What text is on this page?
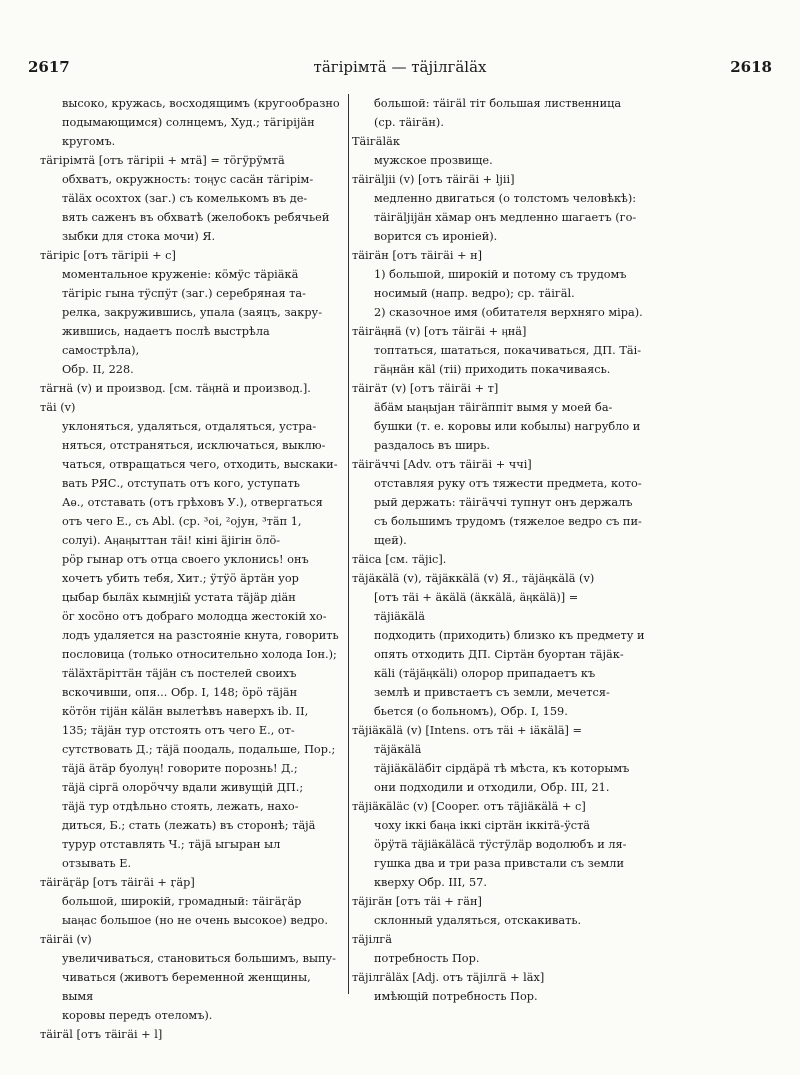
2617	тäгірімтä — тäјілгäläх	2618
высоко, кружась, восходящимъ (кругообразно
подымающимся) солнцемъ, Худ.; тäгірiјäн
кругомъ.
тäгірімтä [отъ тäгірii + мтä] = тӧгӱрӱмтä
обхватъ, окружность: тоӊус сасäн тäгірім-
тäläх осохтох (заг.) съ комелькомъ въ де-
вять саженъ въ обхватѣ (желобокъ ребячьей
зыбки для стока мочи) Я.
тäгіріс [отъ тäгірii + с]
моментальное круженіе: кӧмӱс тäрiäкä
тäгіріс гына тӱспӱт (заг.) серебряная та-
релка, закружившись, упала (заяцъ, закру-
жившись, надаетъ послѣ выстрѣла самострѣла),
Обр. II, 228.
тäгнä (v) и производ. [см. тäӊнä и производ.].
тäі (v)
уклоняться, удаляться, отдаляться, устра-
няться, отстраняться, исключаться, выклю-
чаться, отвращаться чего, отходить, выскаки-
вать РЯС., отступать отъ кого, уступать
Аѳ., отставать (отъ грѣховъ У.), отвергаться
отъ чего Е., съ Abl. (ср. ³оі, ²ојун, ³тäп 1,
солуі). Аӊаӊыттан тäі! кіні äјігін ӧлӧ-
рӧр гынар отъ отца своего уклонись! онъ
хочетъ убить тебя, Хит.; ӱтӱӧ äртäн уор
цыбар былäх кымнjiӹ устата тäјäр діäн
ӧг хосӧно отъ добраго молодца жестокій хо-
лодъ удаляется на разстояніе кнута, говорить
пословица (только относительно холода Іон.);
тäläхтäріттäн тäјäн съ постелей своихъ
вскочивши, опя... Обр. I, 148; ӧрӧ тäјäн
кӧтӧн тіјäн кäläн вылетѣвъ наверхъ іb. II,
135; тäјäн тур отстоять отъ чего Е., от-
сутствовать Д.; тäјä поодаль, подальше, Пор.;
тäјä äтäр буолуӊ! говорите порознь! Д.;
тäјä сіргä олорӧччу вдали живущій ДП.;
тäјä тур отдѣльно стоять, лежать, нахо-
диться, Б.; стать (лежать) въ сторонѣ; тäјä
турур отставлять Ч.; тäјä ыгыран ыл
отзывать Е.
тäігäӷäр [отъ тäігäі + ӷäр]
большой, широкій, громадный: тäігäӷäр
ыаӊас большое (но не очень высокое) ведро.
тäігäі (v)
увеличиваться, становиться большимъ, выпу-
чиваться (животъ беременной женщины, вымя
коровы передъ отеломъ).
тäігäl [отъ тäігäі + l]
большой: тäігäl тіт большая лиственница
(ср. тäігäн).
Тäігäläк
мужское прозвище.
тäігäljii (v) [отъ тäігäі + ljii]
медленно двигаться (о толстомъ человѣкѣ):
тäігäljiјäн хäмар онъ медленно шагаетъ (го-
ворится съ ироніей).
тäігäн [отъ тäігäі + н]
1) большой, широкій и потому съ трудомъ
носимый (напр. ведро); ср. тäігäl.
2) сказочное имя (обитателя верхняго міра).
тäігäӊнä (v) [отъ тäігäі + ӊнä]
топтаться, шататься, покачиваться, ДП. Тäі-
гäӊнäн кäl (тіі) приходить покачиваясь.
тäігäт (v) [отъ тäігäі + т]
äбäм ыаӊыјан тäігäппіт вымя у моей ба-
бушки (т. е. коровы или кобылы) нагрубло и
раздалось въ ширь.
тäігäччі [Adv. отъ тäігäі + ччі]
отставляя руку отъ тяжести предмета, кото-
рый держать: тäігäччі тупнут онъ держалъ
съ большимъ трудомъ (тяжелое ведро съ пи-
щей).
тäіса [см. тäјіс].
тäјäкälä (v), тäјäккälä (v) Я., тäјäӊкälä (v)
[отъ тäі + äкälä (äккälä, äӊкälä)] =
тäјіäкälä
подходить (приходить) близко къ предмету и
опять отходить ДП. Сіртäн буортан тäјäк-
кälі (тäјäӊкälі) олорор припадаетъ къ
землѣ и привстаетъ съ земли, мечется-
бьется (о больномъ), Обр. I, 159.
тäјіäкälä (v) [Intens. отъ тäі + іäкälä] =
тäјäкälä
тäјіäкäläбіт сірдäрä тѣ мѣста, къ которымъ
они подходили и отходили, Обр. III, 21.
тäјіäкäläс (v) [Cooper. отъ тäјіäкälä + с]
чоху іккі баӊа іккі сіртäн іккітä-ӱстä
ӧрӱтä тäјіäкäläсä тӱстӱлäр водолюбъ и ля-
гушка два и три раза привстали съ земли
кверху Обр. III, 57.
тäјігäн [отъ тäі + гäн]
склонный удаляться, отскакивать.
тäјілгä
потребность Пор.
тäјілгäläх [Adj. отъ тäјілгä + läх]
имѣющій потребность Пор.
